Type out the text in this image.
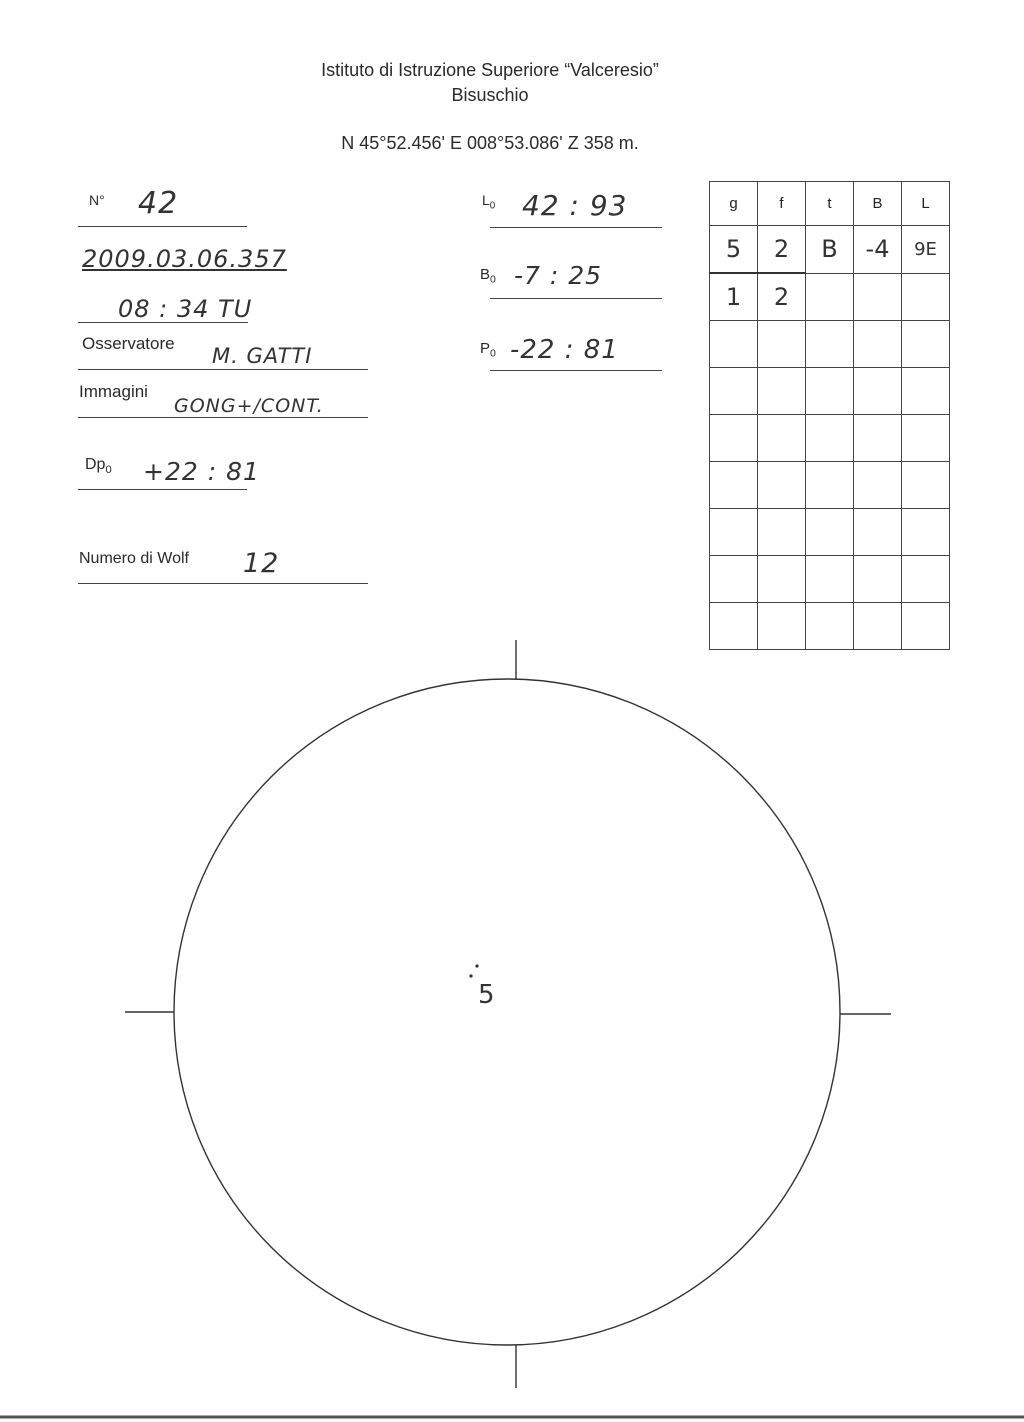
Istituto di Istruzione Superiore “Valceresio”
Bisuschio
N 45°52.456' E 008°53.086' Z 358 m.
N° 42
2009.03.06.357
08 : 34 TU
Osservatore
M. GATTI
Immagini
GONG+/CONT.
$Dp_0 +22$ : 81
Numero di Wolf 12
$L_0$ 42 : 93
$B_0$ -7 : 25
$P_0$ -22 : 81
g	f	t	B	L
5	2	B	-4	9E
1	2			

5
